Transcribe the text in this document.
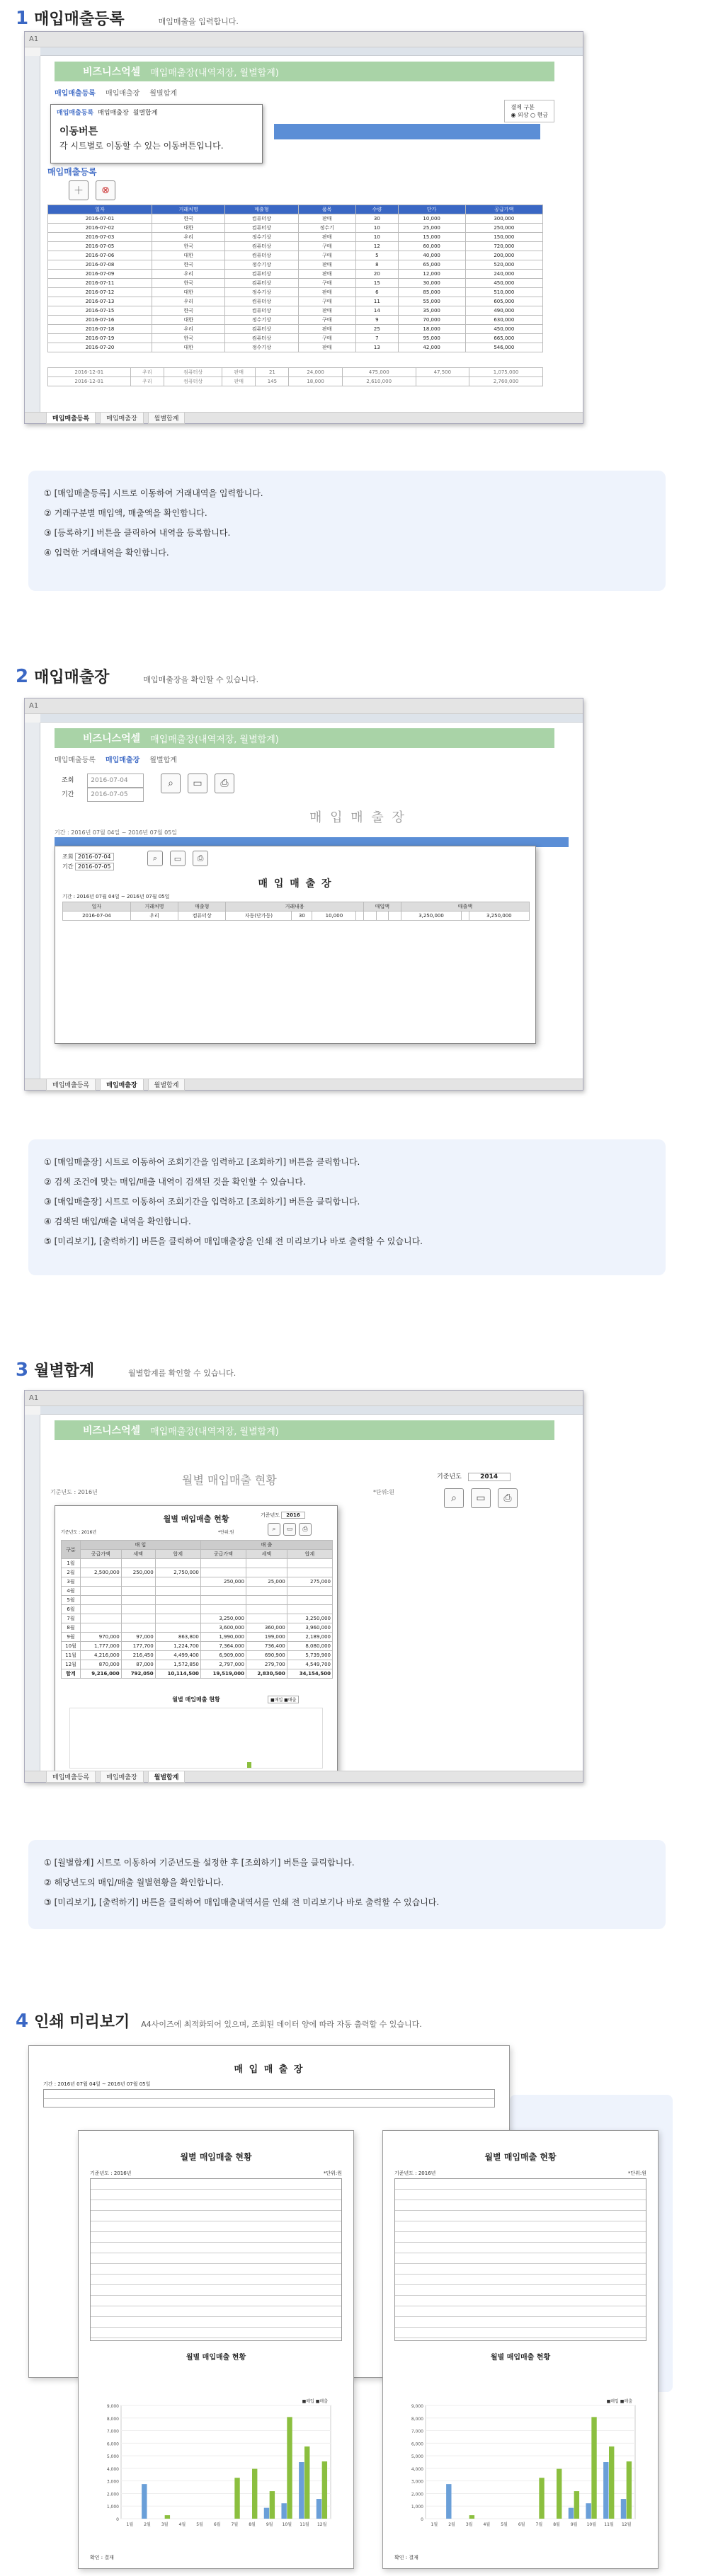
1 매입매출등록	매입매출을 입력합니다.
A1
비즈니스억셀 매입매출장(내역저장, 월별합계)
매입매출등록 매입매출장 월별합계
매입매출등록 매입매출장 월별합계
이동버튼
각 시트별로 이동할 수 있는 이동버튼입니다.
결제 구분
◉ 외상 ○ 현금
매입매출등록
＋ ⊗
일자	거래처명	매출형	품목	수량	단가	공급가액
2016-07-01	한국	컴퓨터상	판매	30	10,000	300,000
2016-07-02	대한	컴퓨터상	정수기	10	25,000	250,000
2016-07-03	우리	정수기상	판매	10	15,000	150,000
2016-07-05	한국	컴퓨터상	구매	12	60,000	720,000
2016-07-06	대한	컴퓨터상	구매	5	40,000	200,000
2016-07-08	한국	정수기상	판매	8	65,000	520,000
2016-07-09	우리	컴퓨터상	판매	20	12,000	240,000
2016-07-11	한국	컴퓨터상	구매	15	30,000	450,000
2016-07-12	대한	정수기상	판매	6	85,000	510,000
2016-07-13	우리	컴퓨터상	구매	11	55,000	605,000
2016-07-15	한국	컴퓨터상	판매	14	35,000	490,000
2016-07-16	대한	정수기상	구매	9	70,000	630,000
2016-07-18	우리	컴퓨터상	판매	25	18,000	450,000
2016-07-19	한국	컴퓨터상	구매	7	95,000	665,000
2016-07-20	대한	정수기상	판매	13	42,000	546,000
2016-12-01	우리	컴퓨터상	판매	21	24,000	475,000	47,500	1,075,000
2016-12-01	우리	컴퓨터상	판매	145	18,000	2,610,000		2,760,000
매입매출등록	매입매출장	월별합계

① [매입매출등록] 시트로 이동하여 거래내역을 입력합니다.

② 거래구분별 매입액, 매출액을 확인합니다.

③ [등록하기] 버튼을 클릭하여 내역을 등록합니다.

④ 입력한 거래내역을 확인합니다.

2 매입매출장	매입매출장을 확인할 수 있습니다.
A1
비즈니스억셀 매입매출장(내역저장, 월별합계)
매입매출등록 매입매출장 월별합계
조회	2016-07-04
기간	2016-07-05
⌕ ▭ ⎙
매 입 매 출 장
기간 : 2016년 07월 04일 ~ 2016년 07월 05일
조회 2016-07-04
기간 2016-07-05
⌕ ▭ ⎙
매 입 매 출 장
기간 : 2016년 07월 04일 ~ 2016년 07월 05일
일자	거래처명	매출형	거래내용				매입액			매출액		
2016-07-04	우리	컴퓨터상	자동(단가등)	30	10,000					3,250,000		3,250,000
매입매출등록	매입매출장	월별합계

① [매입매출장] 시트로 이동하여 조회기간을 입력하고 [조회하기] 버튼을 클릭합니다.

② 검색 조건에 맞는 매입/매출 내역이 검색된 것을 확인할 수 있습니다.

③ [매입매출장] 시트로 이동하여 조회기간을 입력하고 [조회하기] 버튼을 클릭합니다.

④ 검색된 매입/매출 내역을 확인합니다.

⑤ [미리보기], [출력하기] 버튼을 클릭하여 매입매출장을 인쇄 전 미리보기나 바로 출력할 수 있습니다.

3 월별합계	월별합계를 확인할 수 있습니다.
A1
비즈니스억셀 매입매출장(내역저장, 월별합계)
월별 매입매출 현황
기준년도 : 2016년	*단위:원
기준년도	2014
⌕ ▭ ⎙
월별 매입매출 현황	기준년도 2016
⌕ ▭ ⎙
기준년도 : 2016년	*단위:원
구분	매 입			매 출		
	공급가액	세액	합계	공급가액	세액	합계
1월						
2월	2,500,000	250,000	2,750,000			
3월				250,000	25,000	275,000
4월						
5월						
6월						
7월				3,250,000		3,250,000
8월				3,600,000	360,000	3,960,000
9월	970,000	97,000	863,800	1,990,000	199,000	2,189,000
10월	1,777,000	177,700	1,224,700	7,364,000	736,400	8,080,000
11월	4,216,000	216,450	4,499,400	6,909,000	690,900	5,739,900
12월	870,000	87,000	1,572,850	2,797,000	279,700	4,549,700
합계	9,216,000	792,050	10,114,500	19,519,000	2,830,500	34,154,500
월별 매입매출 현황	■매입 ■매출
매입매출등록	매입매출장	월별합계

① [월별합계] 시트로 이동하여 기준년도를 설정한 후 [조회하기] 버튼을 클릭합니다.

② 해당년도의 매입/매출 월별현황을 확인합니다.

③ [미리보기], [출력하기] 버튼을 클릭하여 매입매출내역서를 인쇄 전 미리보기나 바로 출력할 수 있습니다.

4 인쇄 미리보기 A4사이즈에 최적화되어 있으며, 조회된 데이터 양에 따라 자동 출력할 수 있습니다.
매 입 매 출 장
기간 : 2016년 07월 04일 ~ 2016년 07월 05일
월별 매입매출 현황
기준년도 : 2016년	*단위:원
월별 매입매출 현황
0
1,000
2,000
3,000
4,000
5,000
6,000
7,000
8,000
9,000
1월	2월	3월	4월	5월	6월	7월	8월	9월 10월 11월 12월
■매입 ■매출
확인 : 결재
월별 매입매출 현황
기준년도 : 2016년	*단위:원
월별 매입매출 현황
0
1,000
2,000
3,000
4,000
5,000
6,000
7,000
8,000
9,000
1월	2월	3월	4월	5월	6월	7월	8월	9월 10월 11월 12월
■매입 ■매출
확인 : 결재
